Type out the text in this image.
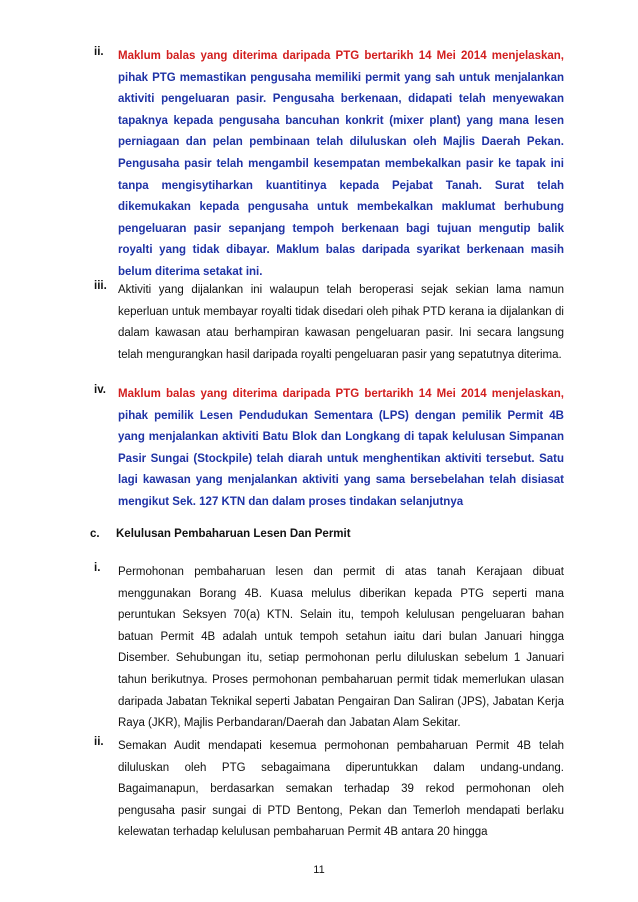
ii. Maklum balas yang diterima daripada PTG bertarikh 14 Mei 2014 menjelaskan, pihak PTG memastikan pengusaha memiliki permit yang sah untuk menjalankan aktiviti pengeluaran pasir. Pengusaha berkenaan, didapati telah menyewakan tapaknya kepada pengusaha bancuhan konkrit (mixer plant) yang mana lesen perniagaan dan pelan pembinaan telah diluluskan oleh Majlis Daerah Pekan. Pengusaha pasir telah mengambil kesempatan membekalkan pasir ke tapak ini tanpa mengisytiharkan kuantitinya kepada Pejabat Tanah. Surat telah dikemukakan kepada pengusaha untuk membekalkan maklumat berhubung pengeluaran pasir sepanjang tempoh berkenaan bagi tujuan mengutip balik royalti yang tidak dibayar. Maklum balas daripada syarikat berkenaan masih belum diterima setakat ini.

iii. Aktiviti yang dijalankan ini walaupun telah beroperasi sejak sekian lama namun keperluan untuk membayar royalti tidak disedari oleh pihak PTD kerana ia dijalankan di dalam kawasan atau berhampiran kawasan pengeluaran pasir. Ini secara langsung telah mengurangkan hasil daripada royalti pengeluaran pasir yang sepatutnya diterima.

iv. Maklum balas yang diterima daripada PTG bertarikh 14 Mei 2014 menjelaskan, pihak pemilik Lesen Pendudukan Sementara (LPS) dengan pemilik Permit 4B yang menjalankan aktiviti Batu Blok dan Longkang di tapak kelulusan Simpanan Pasir Sungai (Stockpile) telah diarah untuk menghentikan aktiviti tersebut. Satu lagi kawasan yang menjalankan aktiviti yang sama bersebelahan telah disiasat mengikut Sek. 127 KTN dan dalam proses tindakan selanjutnya

c. Kelulusan Pembaharuan Lesen Dan Permit
i. Permohonan pembaharuan lesen dan permit di atas tanah Kerajaan dibuat menggunakan Borang 4B. Kuasa melulus diberikan kepada PTG seperti mana peruntukan Seksyen 70(a) KTN. Selain itu, tempoh kelulusan pengeluaran bahan batuan Permit 4B adalah untuk tempoh setahun iaitu dari bulan Januari hingga Disember. Sehubungan itu, setiap permohonan perlu diluluskan sebelum 1 Januari tahun berikutnya. Proses permohonan pembaharuan permit tidak memerlukan ulasan daripada Jabatan Teknikal seperti Jabatan Pengairan Dan Saliran (JPS), Jabatan Kerja Raya (JKR), Majlis Perbandaran/Daerah dan Jabatan Alam Sekitar.

ii. Semakan Audit mendapati kesemua permohonan pembaharuan Permit 4B telah diluluskan oleh PTG sebagaimana diperuntukkan dalam undang-undang. Bagaimanapun, berdasarkan semakan terhadap 39 rekod permohonan oleh pengusaha pasir sungai di PTD Bentong, Pekan dan Temerloh mendapati berlaku kelewatan terhadap kelulusan pembaharuan Permit 4B antara 20 hingga

11
